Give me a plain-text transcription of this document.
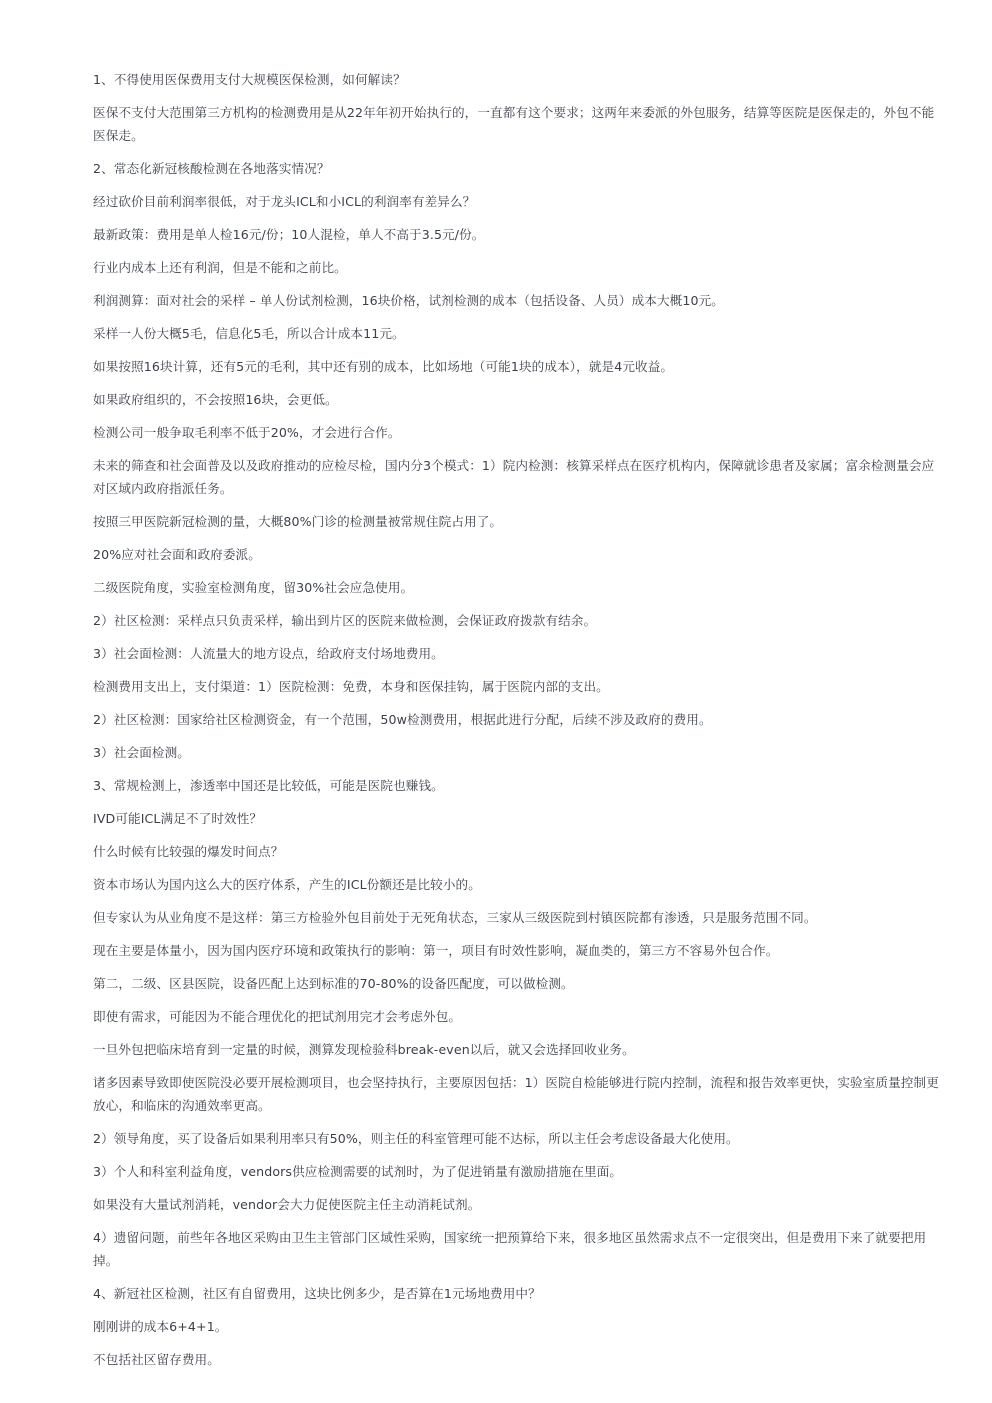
1、不得使用医保费用支付大规模医保检测，如何解读？

医保不支付大范围第三方机构的检测费用是从22年年初开始执行的，一直都有这个要求；这两年来委派的外包服务，结算等医院是医保走的，外包不能医保走。

2、常态化新冠核酸检测在各地落实情况？

经过砍价目前利润率很低，对于龙头ICL和小ICL的利润率有差异么？

最新政策：费用是单人检16元/份；10人混检，单人不高于3.5元/份。

行业内成本上还有利润，但是不能和之前比。

利润测算：面对社会的采样 – 单人份试剂检测，16块价格，试剂检测的成本（包括设备、人员）成本大概10元。

采样一人份大概5毛，信息化5毛，所以合计成本11元。

如果按照16块计算，还有5元的毛利，其中还有别的成本，比如场地（可能1块的成本），就是4元收益。

如果政府组织的，不会按照16块，会更低。

检测公司一般争取毛利率不低于20%，才会进行合作。

未来的筛查和社会面普及以及政府推动的应检尽检，国内分3个模式：1）院内检测：核算采样点在医疗机构内，保障就诊患者及家属；富余检测量会应对区域内政府指派任务。

按照三甲医院新冠检测的量，大概80%门诊的检测量被常规住院占用了。

20%应对社会面和政府委派。

二级医院角度，实验室检测角度，留30%社会应急使用。

2）社区检测：采样点只负责采样，输出到片区的医院来做检测，会保证政府拨款有结余。

3）社会面检测：人流量大的地方设点，给政府支付场地费用。

检测费用支出上，支付渠道：1）医院检测：免费，本身和医保挂钩，属于医院内部的支出。

2）社区检测：国家给社区检测资金，有一个范围，50w检测费用，根据此进行分配，后续不涉及政府的费用。

3）社会面检测。

3、常规检测上，渗透率中国还是比较低，可能是医院也赚钱。

IVD可能ICL满足不了时效性？

什么时候有比较强的爆发时间点？

资本市场认为国内这么大的医疗体系，产生的ICL份额还是比较小的。

但专家认为从业角度不是这样：第三方检验外包目前处于无死角状态，三家从三级医院到村镇医院都有渗透，只是服务范围不同。

现在主要是体量小，因为国内医疗环境和政策执行的影响：第一，项目有时效性影响，凝血类的，第三方不容易外包合作。

第二，二级、区县医院，设备匹配上达到标准的70-80%的设备匹配度，可以做检测。

即使有需求，可能因为不能合理优化的把试剂用完才会考虑外包。

一旦外包把临床培育到一定量的时候，测算发现检验科break-even以后，就又会选择回收业务。

诸多因素导致即使医院没必要开展检测项目，也会坚持执行，主要原因包括：1）医院自检能够进行院内控制，流程和报告效率更快，实验室质量控制更放心，和临床的沟通效率更高。

2）领导角度，买了设备后如果利用率只有50%，则主任的科室管理可能不达标，所以主任会考虑设备最大化使用。

3）个人和科室利益角度，vendors供应检测需要的试剂时，为了促进销量有激励措施在里面。

如果没有大量试剂消耗，vendor会大力促使医院主任主动消耗试剂。

4）遗留问题，前些年各地区采购由卫生主管部门区域性采购，国家统一把预算给下来，很多地区虽然需求点不一定很突出，但是费用下来了就要把用掉。

4、新冠社区检测，社区有自留费用，这块比例多少，是否算在1元场地费用中？

刚刚讲的成本6+4+1。

不包括社区留存费用。
